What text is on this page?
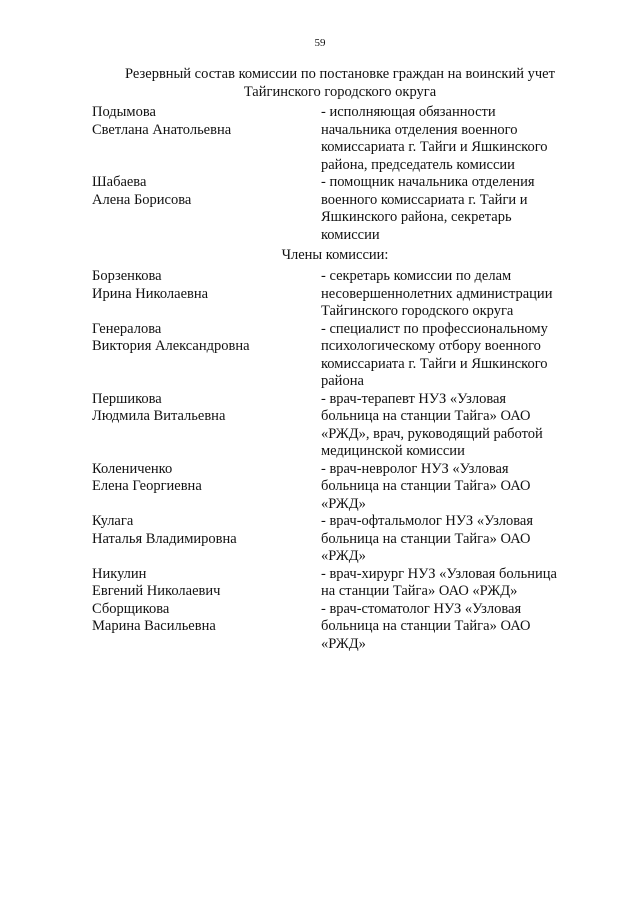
59
Резервный состав комиссии по постановке граждан на воинский учет
Тайгинского городского округа
Подымова
Светлана Анатольевна
- исполняющая обязанности
начальника отделения военного
комиссариата г. Тайги и Яшкинского
района, председатель комиссии
Шабаева
Алена Борисова
- помощник начальника отделения
военного комиссариата г. Тайги и
Яшкинского района, секретарь
комиссии
Члены комиссии:
Борзенкова
Ирина Николаевна
- секретарь комиссии по делам
несовершеннолетних администрации
Тайгинского городского округа
Генералова
Виктория Александровна
- специалист по профессиональному
психологическому отбору военного
комиссариата г. Тайги и Яшкинского
района
Першикова
Людмила Витальевна
- врач-терапевт НУЗ «Узловая
больница на станции Тайга» ОАО
«РЖД», врач, руководящий работой
медицинской комиссии
Колениченко
Елена Георгиевна
- врач-невролог НУЗ «Узловая
больница на станции Тайга» ОАО
«РЖД»
Кулага
Наталья Владимировна
- врач-офтальмолог НУЗ «Узловая
больница на станции Тайга» ОАО
«РЖД»
Никулин
Евгений Николаевич
- врач-хирург НУЗ «Узловая больница
на станции Тайга» ОАО «РЖД»
Сборщикова
Марина Васильевна
- врач-стоматолог НУЗ «Узловая
больница на станции Тайга» ОАО
«РЖД»
